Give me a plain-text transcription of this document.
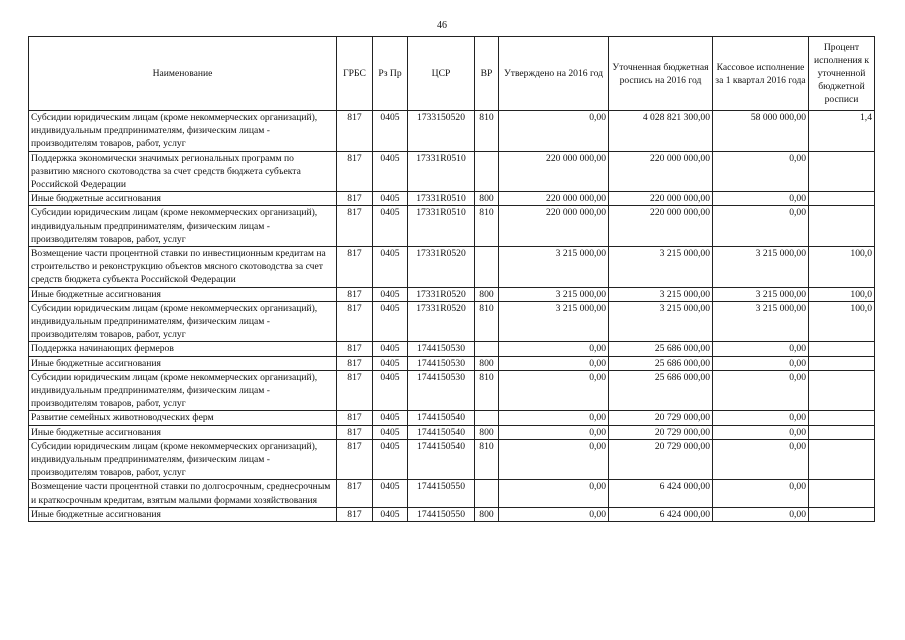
46
Наименование	ГРБС	Рз Пр	ЦСР	ВР	Утверждено на 2016 год	Уточненная бюджетная роспись на 2016 год	Кассовое исполнение за 1 квартал 2016 года	Процент исполнения к уточненной бюджетной росписи
Субсидии юридическим лицам (кроме некоммерческих организаций), индивидуальным предпринимателям, физическим лицам - производителям товаров, работ, услуг	817	0405	1733150520	810	0,00	4 028 821 300,00	58 000 000,00	1,4
Поддержка экономически значимых региональных программ по развитию мясного скотоводства за счет средств бюджета субъекта Российской Федерации	817	0405	17331R0510		220 000 000,00	220 000 000,00	0,00	
Иные бюджетные ассигнования	817	0405	17331R0510	800	220 000 000,00	220 000 000,00	0,00	
Субсидии юридическим лицам (кроме некоммерческих организаций), индивидуальным предпринимателям, физическим лицам - производителям товаров, работ, услуг	817	0405	17331R0510	810	220 000 000,00	220 000 000,00	0,00	
Возмещение части процентной ставки по инвестиционным кредитам на строительство и реконструкцию объектов мясного скотоводства за счет средств бюджета субъекта Российской Федерации	817	0405	17331R0520		3 215 000,00	3 215 000,00	3 215 000,00	100,0
Иные бюджетные ассигнования	817	0405	17331R0520	800	3 215 000,00	3 215 000,00	3 215 000,00	100,0
Субсидии юридическим лицам (кроме некоммерческих организаций), индивидуальным предпринимателям, физическим лицам - производителям товаров, работ, услуг	817	0405	17331R0520	810	3 215 000,00	3 215 000,00	3 215 000,00	100,0
Поддержка начинающих фермеров	817	0405	1744150530		0,00	25 686 000,00	0,00	
Иные бюджетные ассигнования	817	0405	1744150530	800	0,00	25 686 000,00	0,00	
Субсидии юридическим лицам (кроме некоммерческих организаций), индивидуальным предпринимателям, физическим лицам - производителям товаров, работ, услуг	817	0405	1744150530	810	0,00	25 686 000,00	0,00	
Развитие семейных животноводческих ферм	817	0405	1744150540		0,00	20 729 000,00	0,00	
Иные бюджетные ассигнования	817	0405	1744150540	800	0,00	20 729 000,00	0,00	
Субсидии юридическим лицам (кроме некоммерческих организаций), индивидуальным предпринимателям, физическим лицам - производителям товаров, работ, услуг	817	0405	1744150540	810	0,00	20 729 000,00	0,00	
Возмещение части процентной ставки по долгосрочным, среднесрочным и краткосрочным кредитам, взятым малыми формами хозяйствования	817	0405	1744150550		0,00	6 424 000,00	0,00	
Иные бюджетные ассигнования	817	0405	1744150550	800	0,00	6 424 000,00	0,00	
